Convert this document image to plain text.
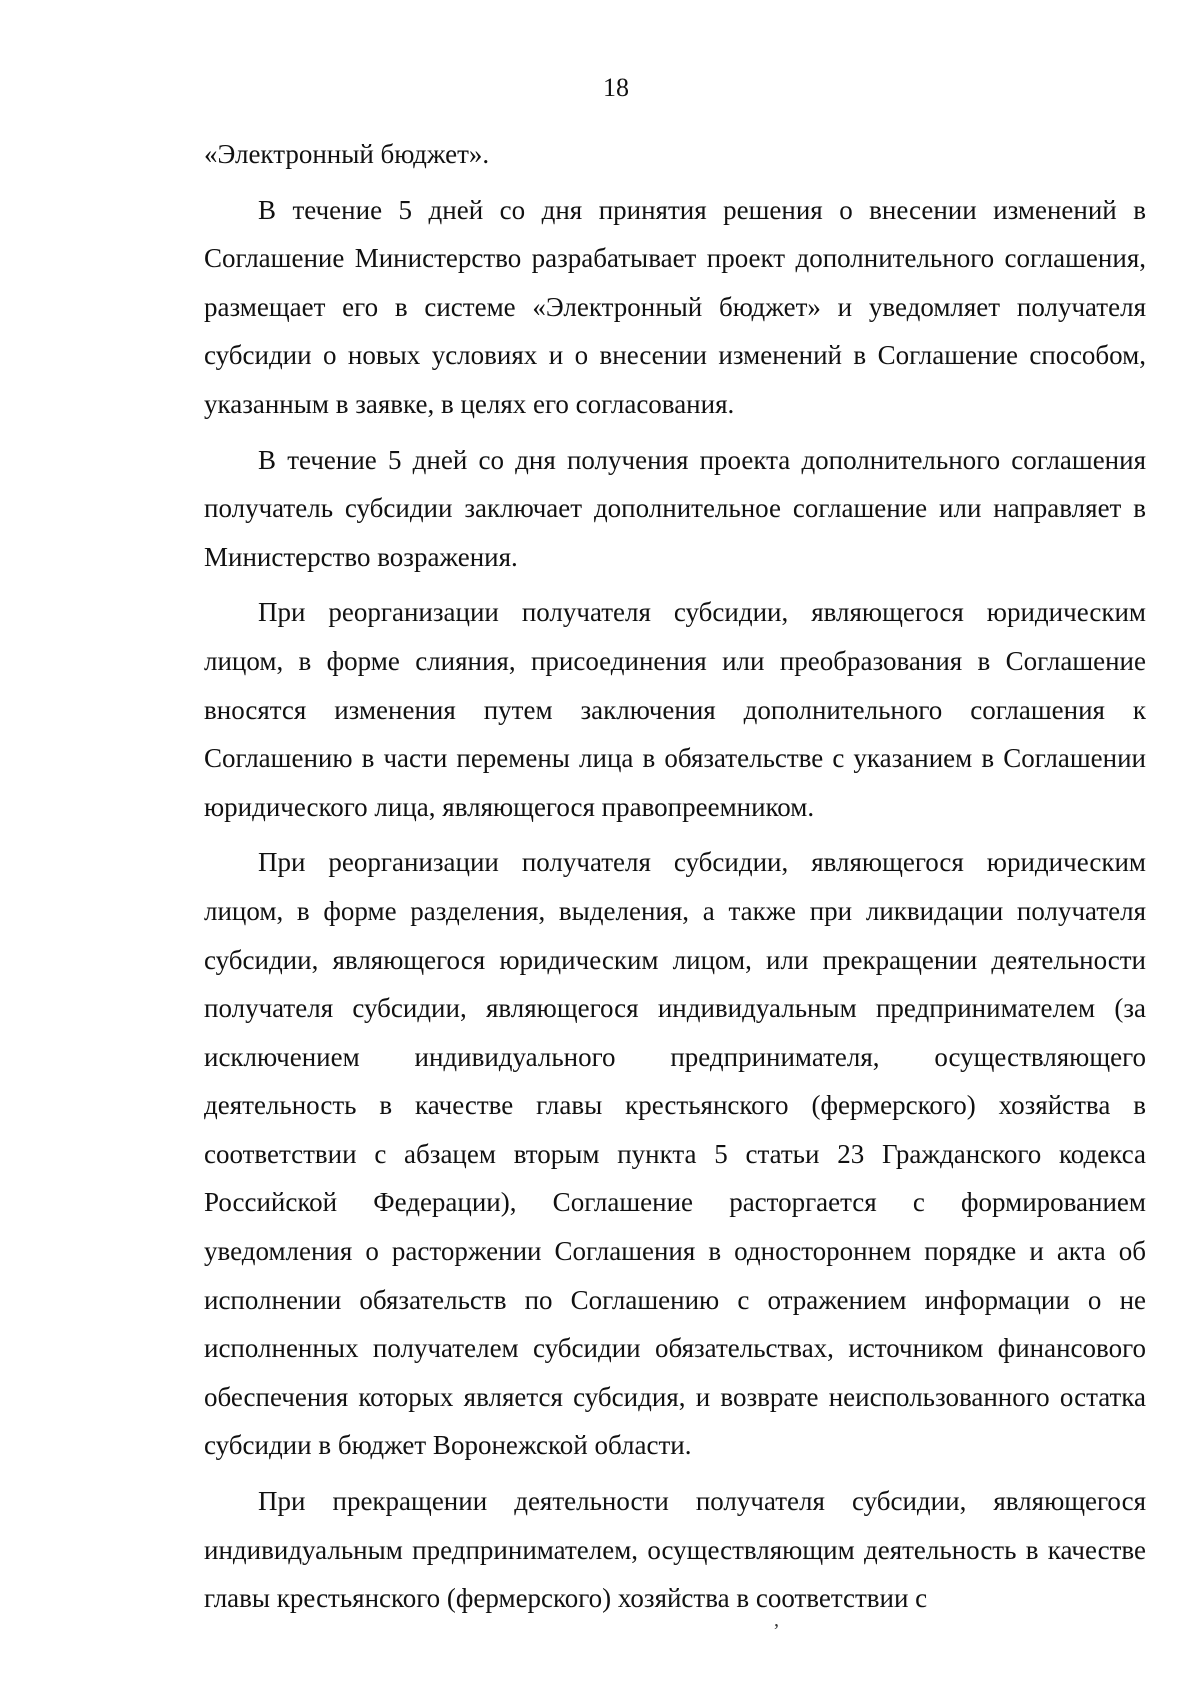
18

«Электронный бюджет».

В течение 5 дней со дня принятия решения о внесении изменений в Соглашение Министерство разрабатывает проект дополнительного соглашения, размещает его в системе «Электронный бюджет» и уведомляет получателя субсидии о новых условиях и о внесении изменений в Соглашение способом, указанным в заявке, в целях его согласования.

В течение 5 дней со дня получения проекта дополнительного соглашения получатель субсидии заключает дополнительное соглашение или направляет в Министерство возражения.

При реорганизации получателя субсидии, являющегося юридическим лицом, в форме слияния, присоединения или преобразования в Соглашение вносятся изменения путем заключения дополнительного соглашения к Соглашению в части перемены лица в обязательстве с указанием в Соглашении юридического лица, являющегося правопреемником.

При реорганизации получателя субсидии, являющегося юридическим лицом, в форме разделения, выделения, а также при ликвидации получателя субсидии, являющегося юридическим лицом, или прекращении деятельности получателя субсидии, являющегося индивидуальным предпринимателем (за исключением индивидуального предпринимателя, осуществляющего деятельность в качестве главы крестьянского (фермерского) хозяйства в соответствии с абзацем вторым пункта 5 статьи 23 Гражданского кодекса Российской Федерации), Соглашение расторгается с формированием уведомления о расторжении Соглашения в одностороннем порядке и акта об исполнении обязательств по Соглашению с отражением информации о не исполненных получателем субсидии обязательствах, источником финансового обеспечения которых является субсидия, и возврате неиспользованного остатка субсидии в бюджет Воронежской области.

При прекращении деятельности получателя субсидии, являющегося индивидуальным предпринимателем, осуществляющим деятельность в качестве главы крестьянского (фермерского) хозяйства в соответствии с

,
